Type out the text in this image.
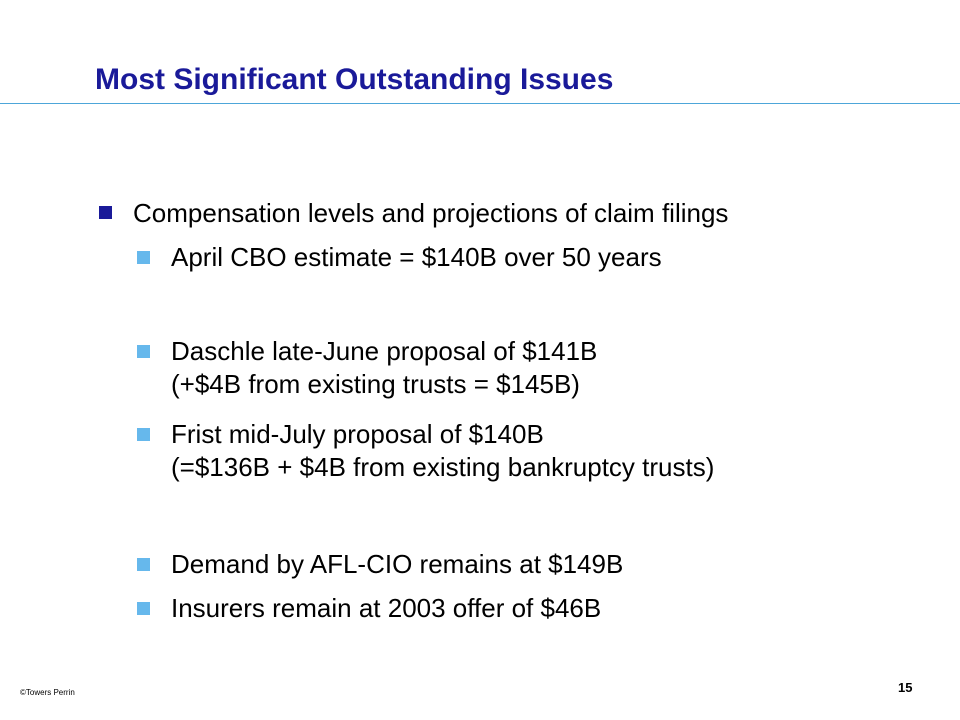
Most Significant Outstanding Issues
Compensation levels and projections of claim filings
April CBO estimate = $140B over 50 years
Daschle late-June proposal of $141B
(+$4B from existing trusts = $145B)
Frist mid-July proposal of $140B
(=$136B + $4B from existing bankruptcy trusts)
Demand by AFL-CIO remains at $149B
Insurers remain at 2003 offer of $46B
©Towers Perrin	15
